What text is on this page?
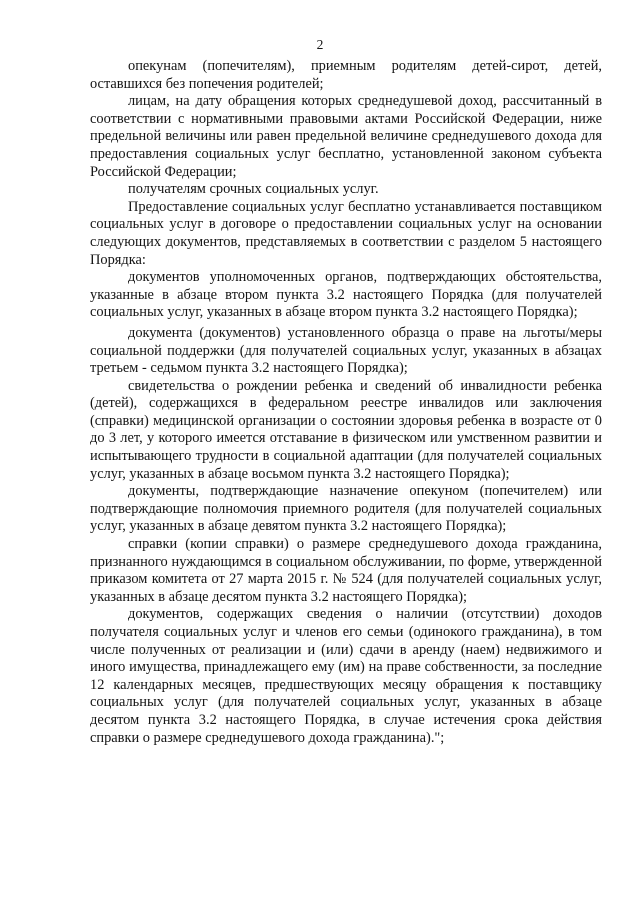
2

опекунам (попечителям), приемным родителям детей-сирот, детей, оставшихся без попечения родителей;

лицам, на дату обращения которых среднедушевой доход, рассчитанный в соответствии с нормативными правовыми актами Российской Федерации, ниже предельной величины или равен предельной величине среднедушевого дохода для предоставления социальных услуг бесплатно, установленной законом субъекта Российской Федерации;

получателям срочных социальных услуг.

Предоставление социальных услуг бесплатно устанавливается поставщиком социальных услуг в договоре о предоставлении социальных услуг на основании следующих документов, представляемых в соответствии с разделом 5 настоящего Порядка:

документов уполномоченных органов, подтверждающих обстоятельства, указанные в абзаце втором пункта 3.2 настоящего Порядка (для получателей социальных услуг, указанных в абзаце втором пункта 3.2 настоящего Порядка);

документа (документов) установленного образца о праве на льготы/меры социальной поддержки (для получателей социальных услуг, указанных в абзацах третьем - седьмом пункта 3.2 настоящего Порядка);

свидетельства о рождении ребенка и сведений об инвалидности ребенка (детей), содержащихся в федеральном реестре инвалидов или заключения (справки) медицинской организации о состоянии здоровья ребенка в возрасте от 0 до 3 лет, у которого имеется отставание в физическом или умственном развитии и испытывающего трудности в социальной адаптации (для получателей социальных услуг, указанных в абзаце восьмом пункта 3.2 настоящего Порядка);

документы, подтверждающие назначение опекуном (попечителем) или подтверждающие полномочия приемного родителя (для получателей социальных услуг, указанных в абзаце девятом пункта 3.2 настоящего Порядка);

справки (копии справки) о размере среднедушевого дохода гражданина, признанного нуждающимся в социальном обслуживании, по форме, утвержденной приказом комитета от 27 марта 2015 г. № 524 (для получателей социальных услуг, указанных в абзаце десятом пункта 3.2 настоящего Порядка);

документов, содержащих сведения о наличии (отсутствии) доходов получателя социальных услуг и членов его семьи (одинокого гражданина), в том числе полученных от реализации и (или) сдачи в аренду (наем) недвижимого и иного имущества, принадлежащего ему (им) на праве собственности, за последние 12 календарных месяцев, предшествующих месяцу обращения к поставщику социальных услуг (для получателей социальных услуг, указанных в абзаце десятом пункта 3.2 настоящего Порядка, в случае истечения срока действия справки о размере среднедушевого дохода гражданина).";
